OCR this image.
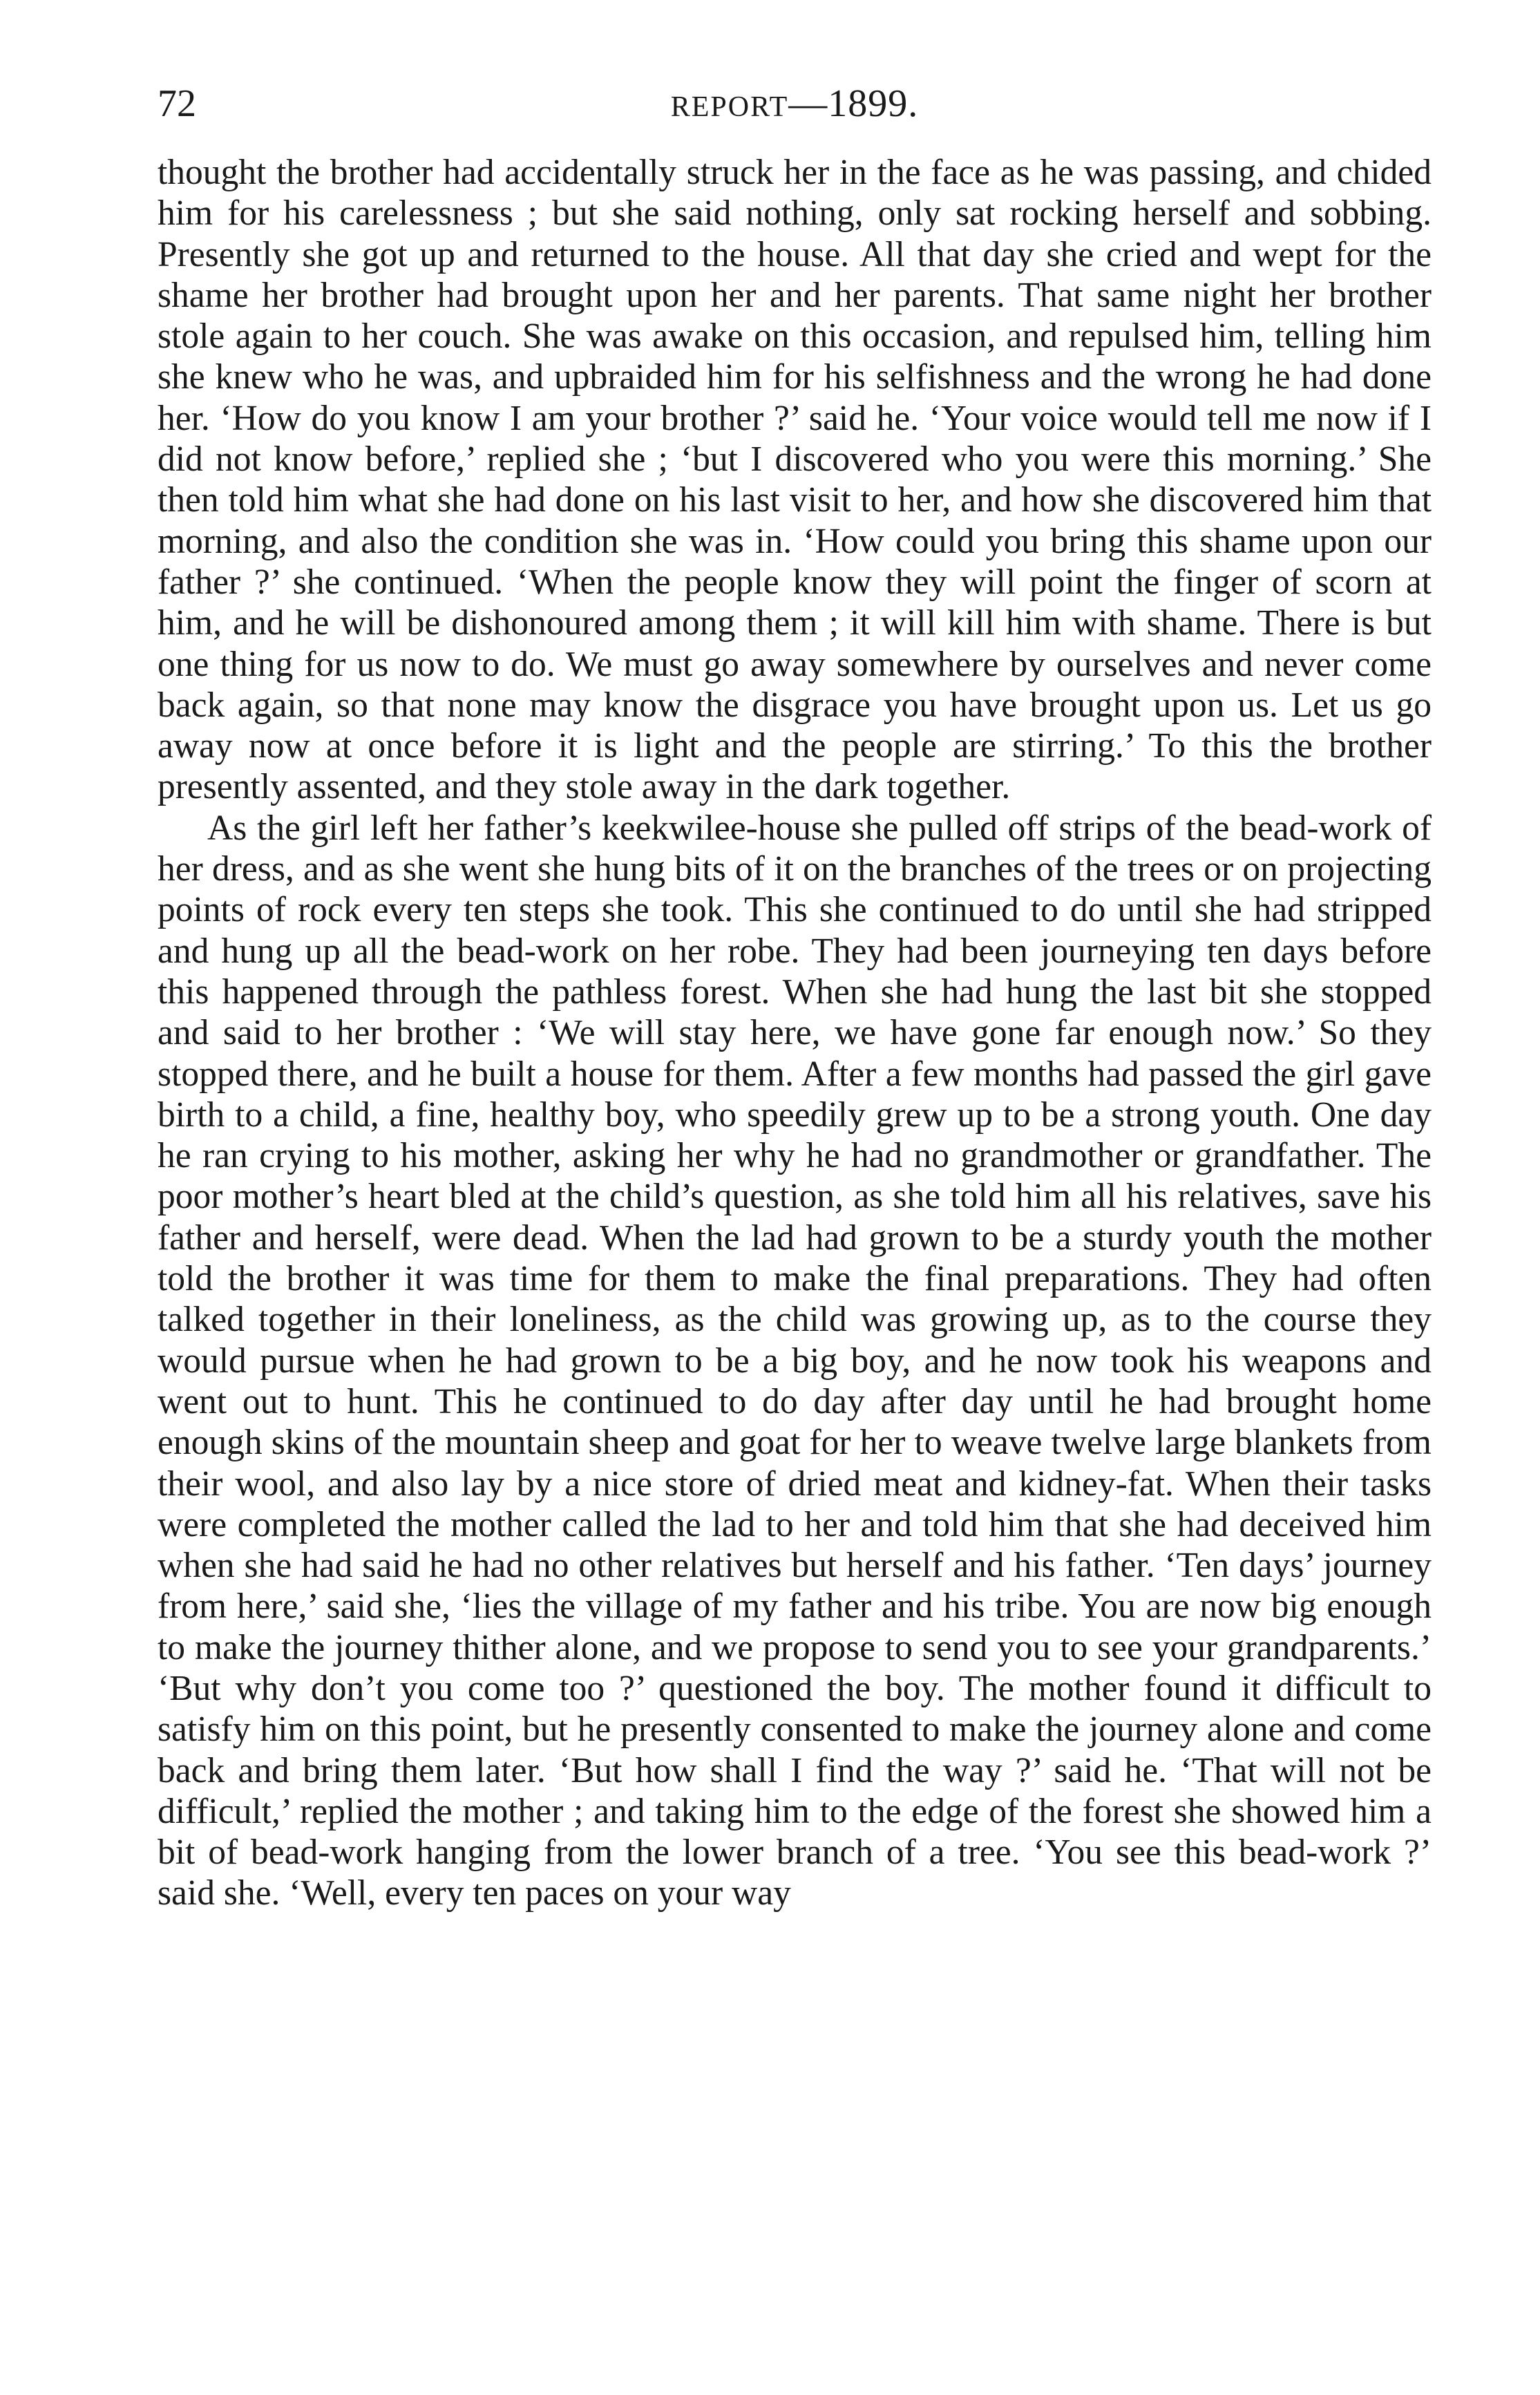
72	REPORT—1899.

thought the brother had accidentally struck her in the face as he was passing, and chided him for his carelessness ; but she said nothing, only sat rocking herself and sobbing. Presently she got up and returned to the house. All that day she cried and wept for the shame her brother had brought upon her and her parents. That same night her brother stole again to her couch. She was awake on this occasion, and repulsed him, telling him she knew who he was, and upbraided him for his selfishness and the wrong he had done her. ‘How do you know I am your brother ?’ said he. ‘Your voice would tell me now if I did not know before,’ replied she ; ‘but I discovered who you were this morning.’ She then told him what she had done on his last visit to her, and how she discovered him that morning, and also the condition she was in. ‘How could you bring this shame upon our father ?’ she continued. ‘When the people know they will point the finger of scorn at him, and he will be dishonoured among them ; it will kill him with shame. There is but one thing for us now to do. We must go away somewhere by ourselves and never come back again, so that none may know the disgrace you have brought upon us. Let us go away now at once before it is light and the people are stirring.’ To this the brother presently assented, and they stole away in the dark together.

As the girl left her father’s keekwilee-house she pulled off strips of the bead-work of her dress, and as she went she hung bits of it on the branches of the trees or on projecting points of rock every ten steps she took. This she continued to do until she had stripped and hung up all the bead-work on her robe. They had been journeying ten days before this happened through the pathless forest. When she had hung the last bit she stopped and said to her brother : ‘We will stay here, we have gone far enough now.’ So they stopped there, and he built a house for them. After a few months had passed the girl gave birth to a child, a fine, healthy boy, who speedily grew up to be a strong youth. One day he ran crying to his mother, asking her why he had no grandmother or grandfather. The poor mother’s heart bled at the child’s question, as she told him all his relatives, save his father and herself, were dead. When the lad had grown to be a sturdy youth the mother told the brother it was time for them to make the final preparations. They had often talked together in their loneliness, as the child was growing up, as to the course they would pursue when he had grown to be a big boy, and he now took his weapons and went out to hunt. This he continued to do day after day until he had brought home enough skins of the mountain sheep and goat for her to weave twelve large blankets from their wool, and also lay by a nice store of dried meat and kidney-fat. When their tasks were completed the mother called the lad to her and told him that she had deceived him when she had said he had no other relatives but herself and his father. ‘Ten days’ journey from here,’ said she, ‘lies the village of my father and his tribe. You are now big enough to make the journey thither alone, and we propose to send you to see your grandparents.’ ‘But why don’t you come too ?’ questioned the boy. The mother found it difficult to satisfy him on this point, but he presently consented to make the journey alone and come back and bring them later. ‘But how shall I find the way ?’ said he. ‘That will not be difficult,’ replied the mother ; and taking him to the edge of the forest she showed him a bit of bead-work hanging from the lower branch of a tree. ‘You see this bead-work ?’ said she. ‘Well, every ten paces on your way
